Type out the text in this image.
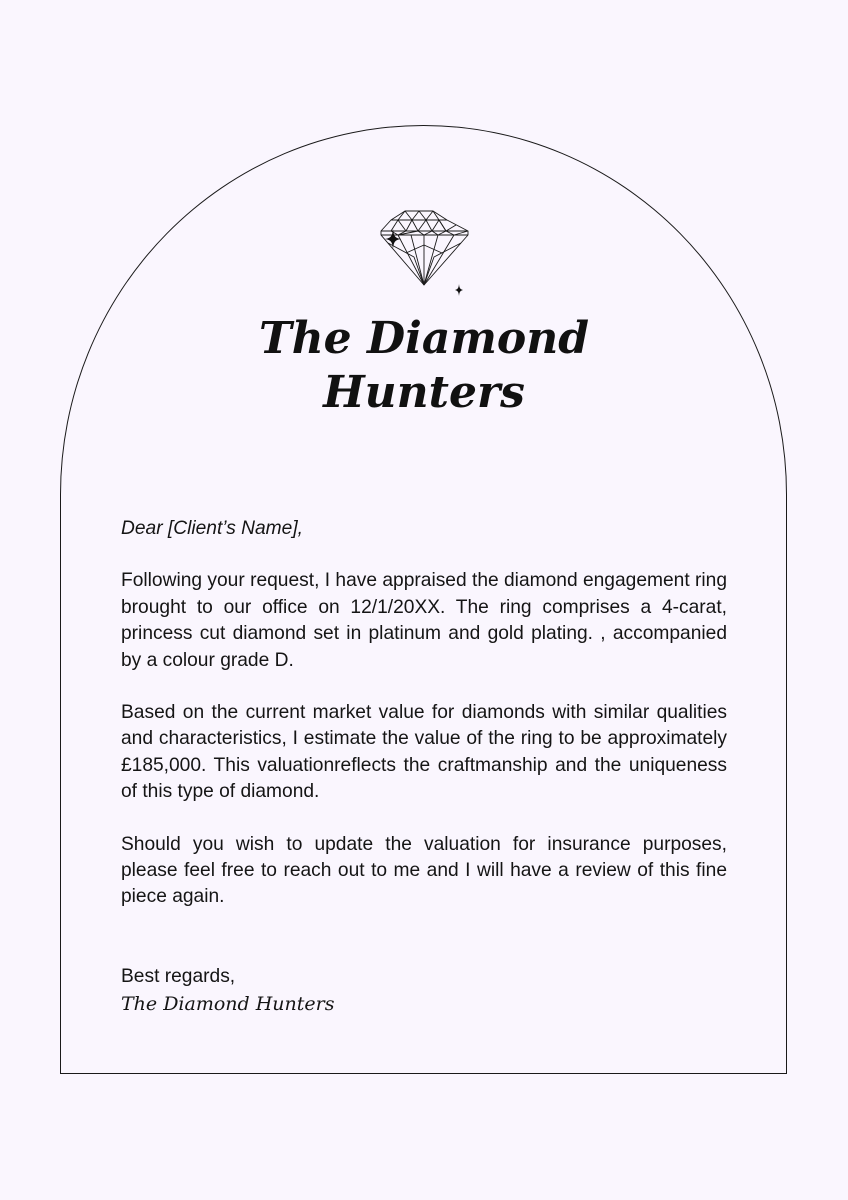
The Diamond
Hunters

Dear [Client’s Name],

Following your request, I have appraised the diamond engagement ring brought to our office on 12/1/20XX. The ring comprises a 4-carat, princess cut diamond set in platinum and gold plating. , accompanied by a colour grade D.

Based on the current market value for diamonds with similar qualities and characteristics, I estimate the value of the ring to be approximately £185,000. This valuationreflects the craftmanship and the uniqueness of this type of diamond.

Should you wish to update the valuation for insurance purposes, please feel free to reach out to me and I will have a review of this fine piece again.

Best regards,

The Diamond Hunters
